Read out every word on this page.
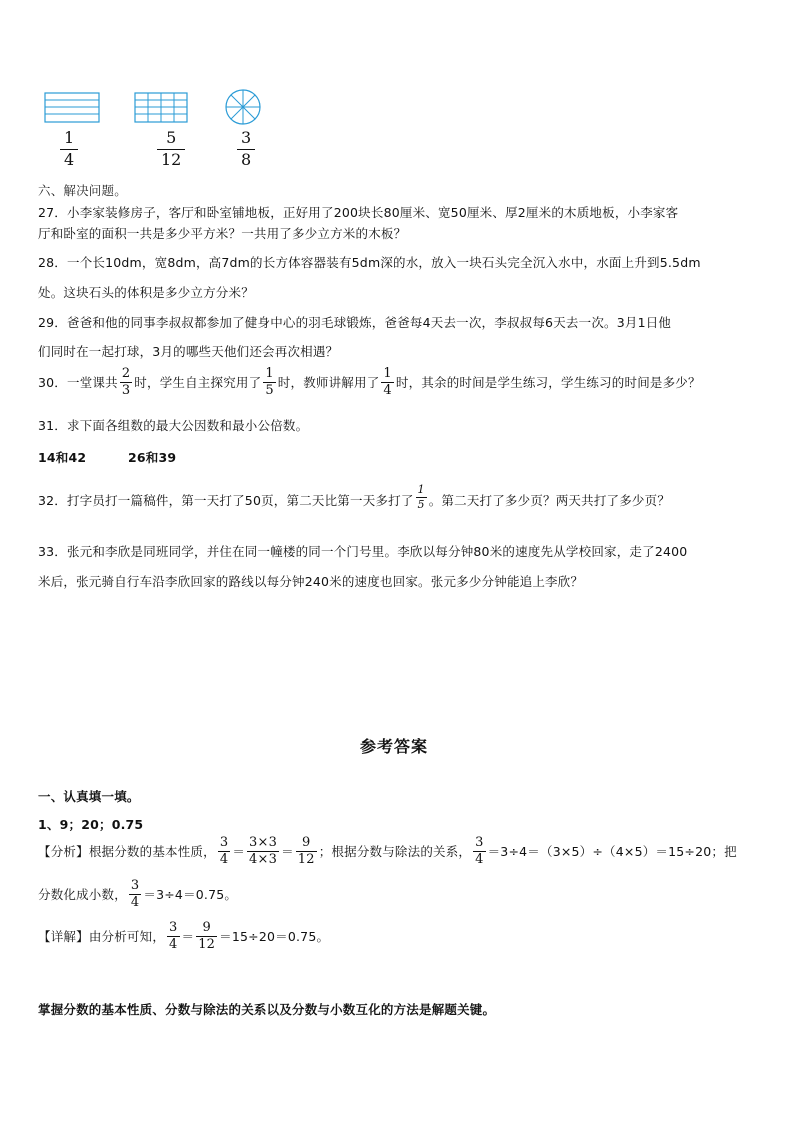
$\frac{1}{4}$	$\frac{5}{12}$	$\frac{3}{8}$
六、解决问题。
27．小李家装修房子，客厅和卧室铺地板，正好用了200块长80厘米、宽50厘米、厚2厘米的木质地板，小李家客
厅和卧室的面积一共是多少平方米？一共用了多少立方米的木板？
28．一个长10dm，宽8dm，高7dm的长方体容器装有5dm深的水，放入一块石头完全沉入水中，水面上升到5.5dm
处。这块石头的体积是多少立方分米？
29．爸爸和他的同事李叔叔都参加了健身中心的羽毛球锻炼，爸爸每4天去一次，李叔叔每6天去一次。3月1日他
们同时在一起打球，3月的哪些天他们还会再次相遇？
30．一堂课共 $\frac{2}{3}$ 时，学生自主探究用了 $\frac{1}{5}$ 时，教师讲解用了 $\frac{1}{4}$ 时，其余的时间是学生练习，学生练习的时间是多少？
31．求下面各组数的最大公因数和最小公倍数。
14和42	26和39
32．打字员打一篇稿件，第一天打了50页，第二天比第一天多打了 $\frac{1}{5}$ 。第二天打了多少页？两天共打了多少页？
33．张元和李欣是同班同学，并住在同一幢楼的同一个门号里。李欣以每分钟80米的速度先从学校回家，走了2400
米后，张元骑自行车沿李欣回家的路线以每分钟240米的速度也回家。张元多少分钟能追上李欣？
参考答案
一、认真填一填。
1、9；20；0.75
【分析】 根据分数的基本性质， $\frac{3}{4} = \frac{3\times 3}{4\times 3} = \frac{9}{12}$ ；根据分数与除法的关系， $\frac{3}{4} =3\div 4=(3\times 5)\div(4\times 5)=15\div 20$；把
分数化成小数， $\frac{3}{4} =3\div 4=0.75$。
【详解】 由分析可知， $\frac{3}{4} = \frac{9}{12} =15\div 20=0.75$。
掌握分数的基本性质、分数与除法的关系以及分数与小数互化的方法是解题关键。
